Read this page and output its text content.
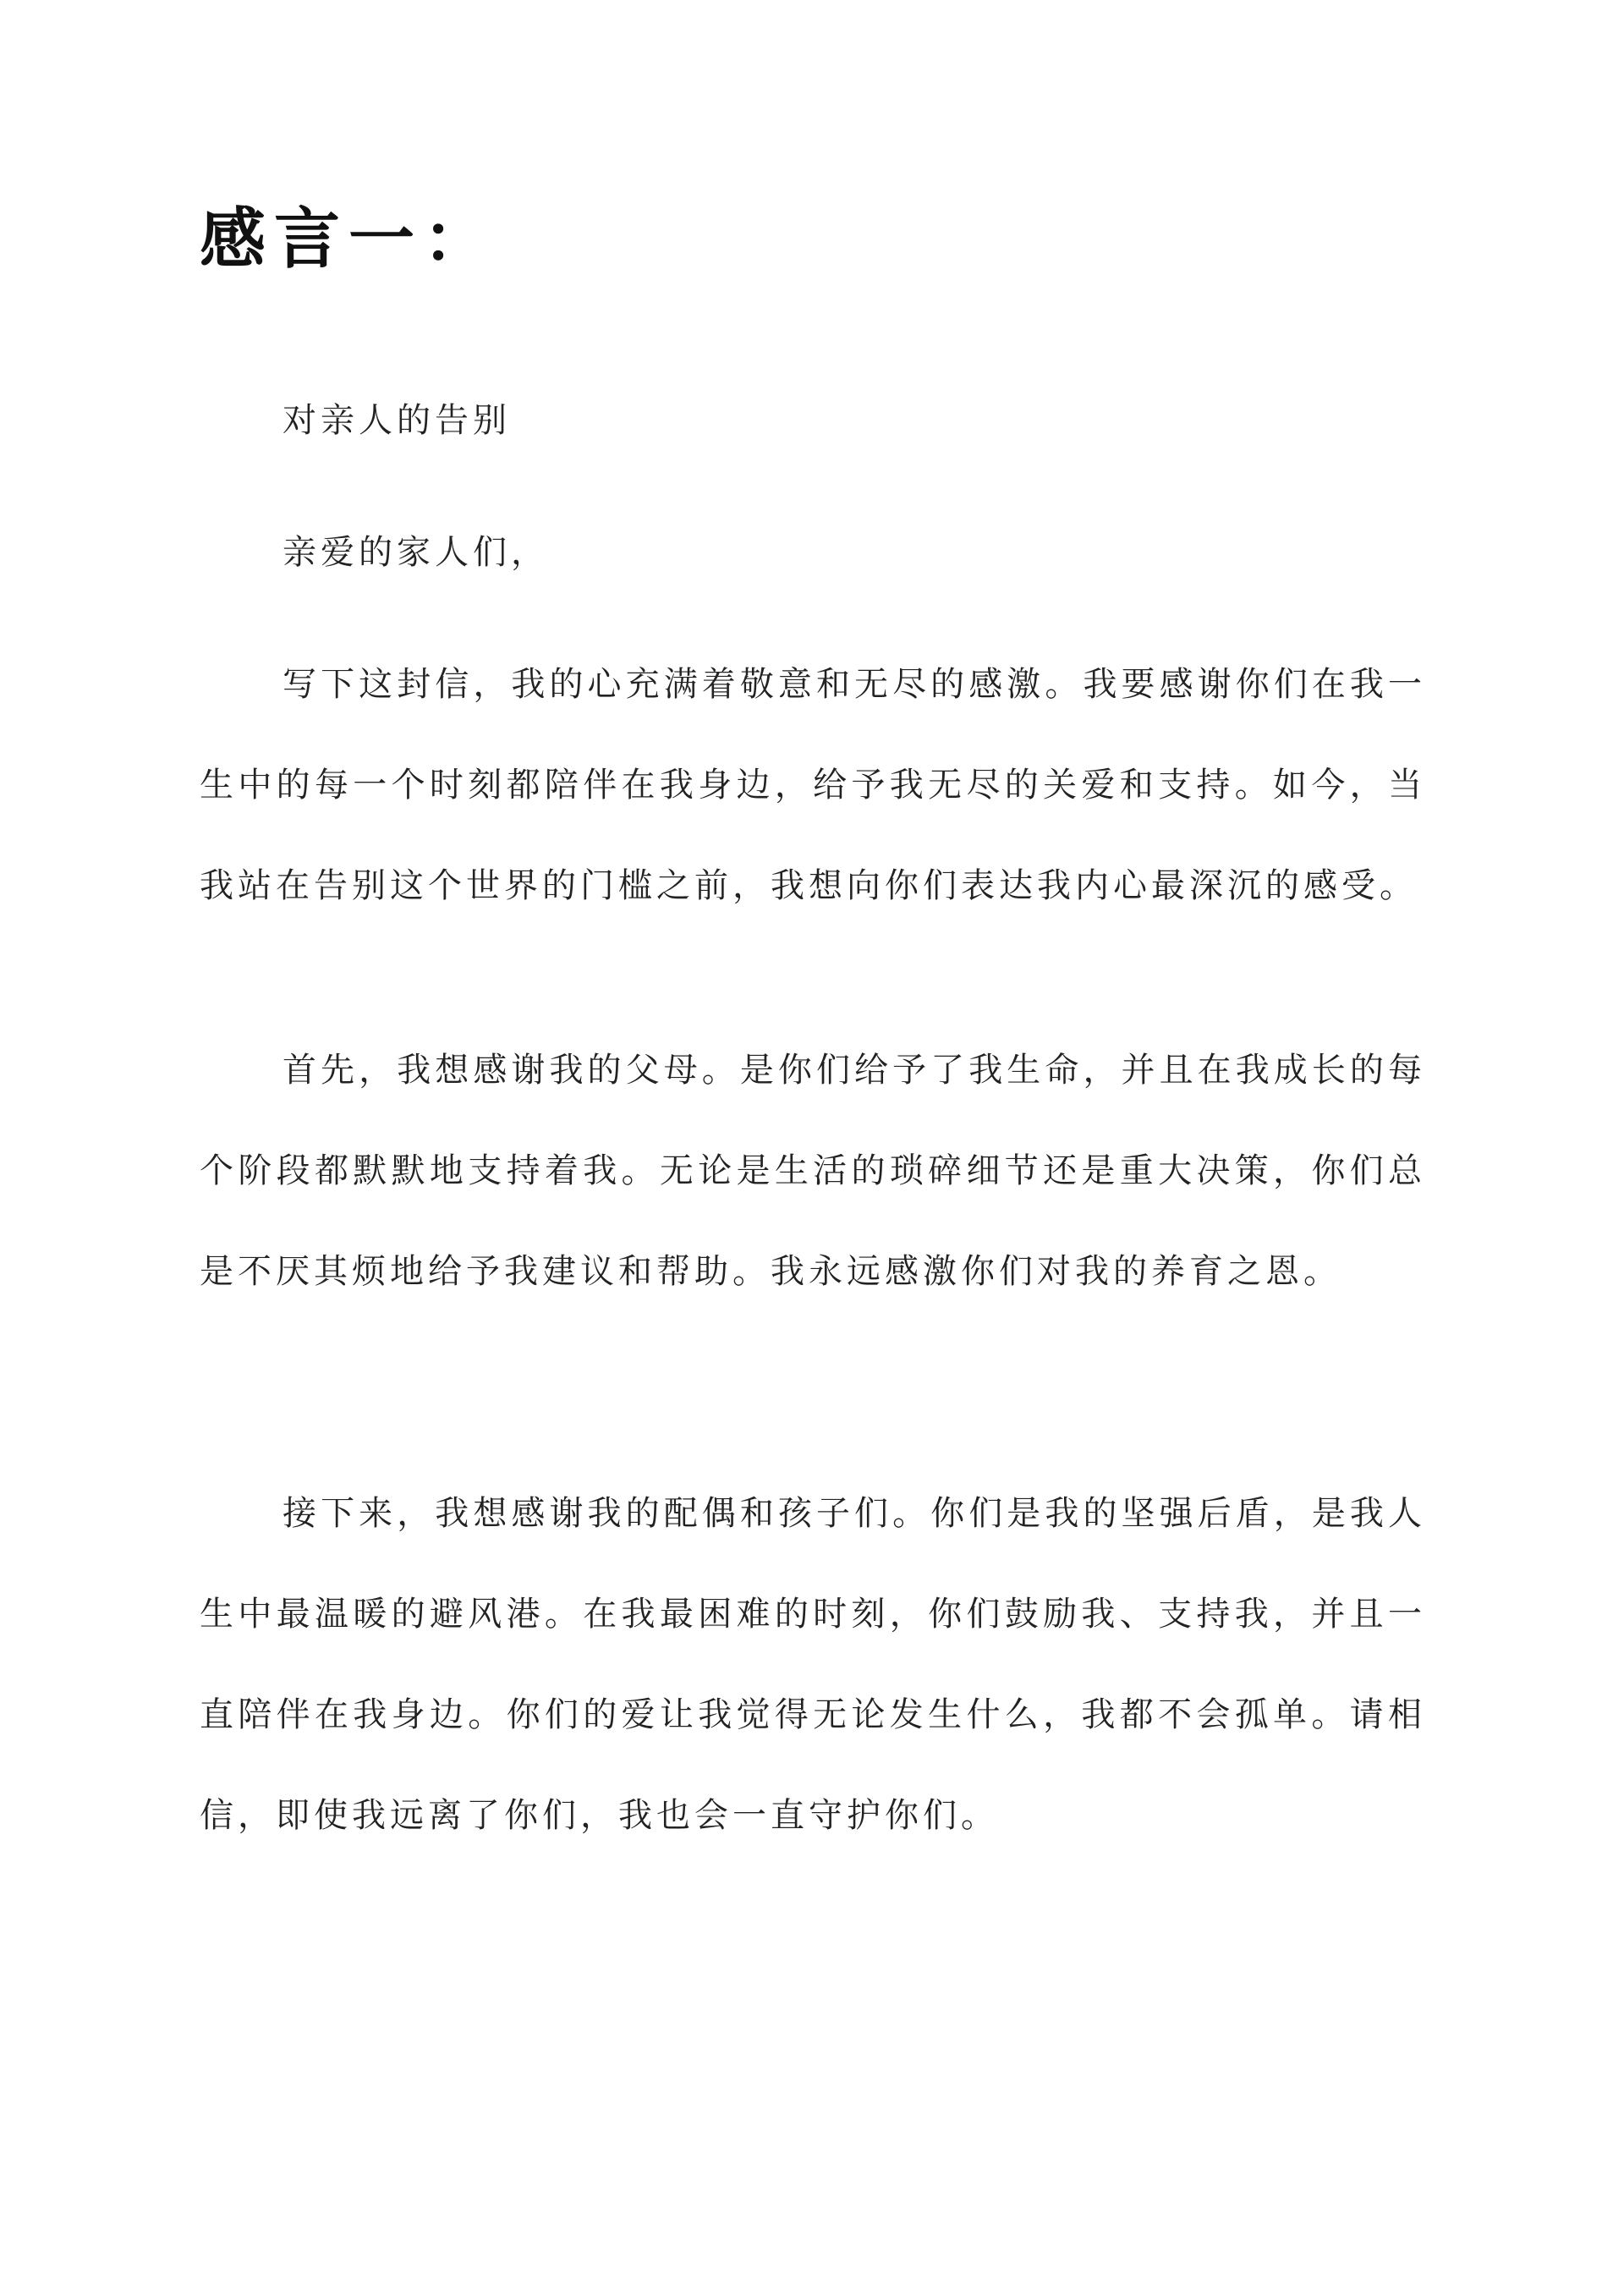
感言一：

对亲人的告别

亲爱的家人们，

写下这封信，我的心充满着敬意和无尽的感激。我要感谢你们在我一生中的每一个时刻都陪伴在我身边，给予我无尽的关爱和支持。如今，当我站在告别这个世界的门槛之前，我想向你们表达我内心最深沉的感受。

首先，我想感谢我的父母。是你们给予了我生命，并且在我成长的每个阶段都默默地支持着我。无论是生活的琐碎细节还是重大决策，你们总是不厌其烦地给予我建议和帮助。我永远感激你们对我的养育之恩。

接下来，我想感谢我的配偶和孩子们。你们是我的坚强后盾，是我人生中最温暖的避风港。在我最困难的时刻，你们鼓励我、支持我，并且一直陪伴在我身边。你们的爱让我觉得无论发生什么，我都不会孤单。请相信，即使我远离了你们，我也会一直守护你们。
